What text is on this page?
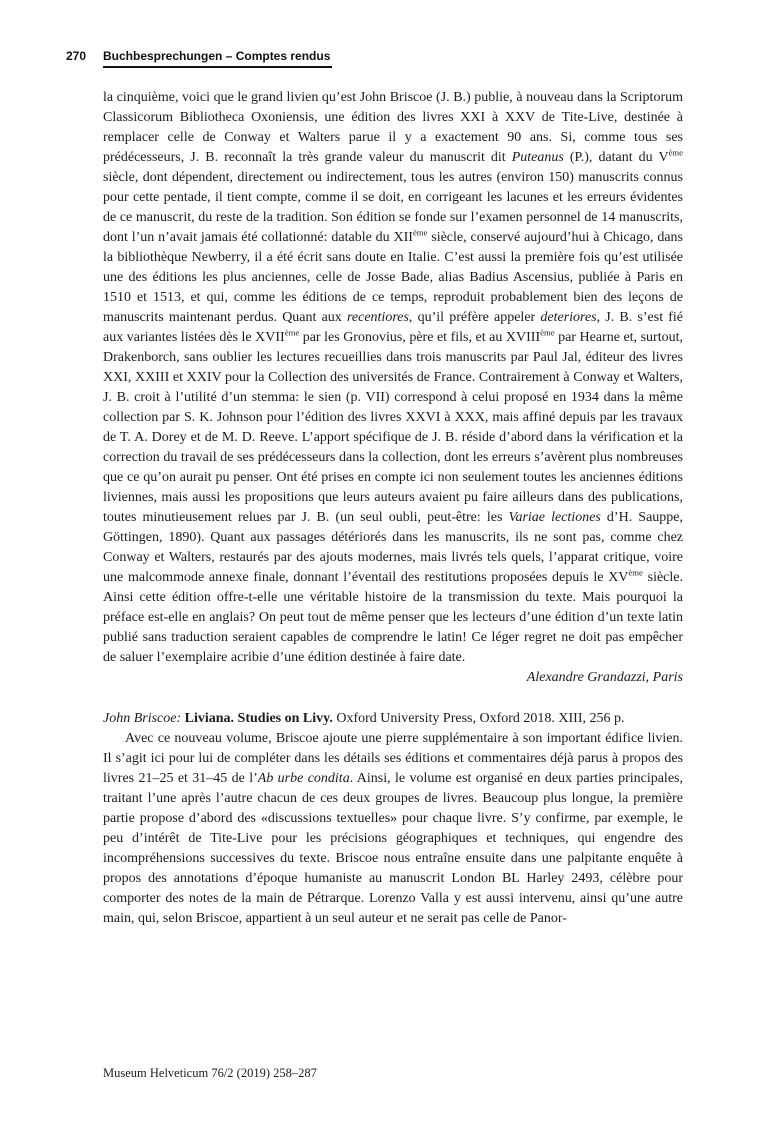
270 Buchbesprechungen – Comptes rendus

la cinquième, voici que le grand livien qu’est John Briscoe (J. B.) publie, à nouveau dans la Scriptorum Classicorum Bibliotheca Oxoniensis, une édition des livres XXI à XXV de Tite-Live, destinée à remplacer celle de Conway et Walters parue il y a exactement 90 ans. Si, comme tous ses prédécesseurs, J. B. reconnaît la très grande valeur du manuscrit dit Puteanus (P.), datant du Vème siècle, dont dépendent, directement ou indirectement, tous les autres (environ 150) manuscrits connus pour cette pentade, il tient compte, comme il se doit, en corrigeant les lacunes et les erreurs évidentes de ce manuscrit, du reste de la tradition. Son édition se fonde sur l’examen personnel de 14 manuscrits, dont l’un n’avait jamais été collationné: datable du XIIème siècle, conservé aujourd’hui à Chicago, dans la bibliothèque Newberry, il a été écrit sans doute en Italie. C’est aussi la première fois qu’est utilisée une des éditions les plus anciennes, celle de Josse Bade, alias Badius Ascensius, publiée à Paris en 1510 et 1513, et qui, comme les éditions de ce temps, reproduit probablement bien des leçons de manuscrits maintenant perdus. Quant aux recentiores, qu’il préfère appeler deteriores, J. B. s’est fié aux variantes listées dès le XVIIème par les Gronovius, père et fils, et au XVIIIème par Hearne et, surtout, Drakenborch, sans oublier les lectures recueillies dans trois manuscrits par Paul Jal, éditeur des livres XXI, XXIII et XXIV pour la Collection des universités de France. Contrairement à Conway et Walters, J. B. croit à l’utilité d’un stemma: le sien (p. VII) correspond à celui proposé en 1934 dans la même collection par S. K. Johnson pour l’édition des livres XXVI à XXX, mais affiné depuis par les travaux de T. A. Dorey et de M. D. Reeve. L’apport spécifique de J. B. réside d’abord dans la vérification et la correction du travail de ses prédécesseurs dans la collection, dont les erreurs s’avèrent plus nombreuses que ce qu’on aurait pu penser. Ont été prises en compte ici non seulement toutes les anciennes éditions liviennes, mais aussi les propositions que leurs auteurs avaient pu faire ailleurs dans des publications, toutes minutieusement relues par J. B. (un seul oubli, peut-être: les Variae lectiones d’H. Sauppe, Göttingen, 1890). Quant aux passages détériorés dans les manuscrits, ils ne sont pas, comme chez Conway et Walters, restaurés par des ajouts modernes, mais livrés tels quels, l’apparat critique, voire une malcommode annexe finale, donnant l’éventail des restitutions proposées depuis le XVème siècle. Ainsi cette édition offre-t-elle une véritable histoire de la transmission du texte. Mais pourquoi la préface est-elle en anglais? On peut tout de même penser que les lecteurs d’une édition d’un texte latin publié sans traduction seraient capables de comprendre le latin! Ce léger regret ne doit pas empêcher de saluer l’exemplaire acribie d’une édition destinée à faire date.

Alexandre Grandazzi, Paris

John Briscoe: Liviana. Studies on Livy. Oxford University Press, Oxford 2018. XIII, 256 p.

Avec ce nouveau volume, Briscoe ajoute une pierre supplémentaire à son important édifice livien. Il s’agit ici pour lui de compléter dans les détails ses éditions et commentaires déjà parus à propos des livres 21–25 et 31–45 de l’Ab urbe condita. Ainsi, le volume est organisé en deux parties principales, traitant l’une après l’autre chacun de ces deux groupes de livres. Beaucoup plus longue, la première partie propose d’abord des «discussions textuelles» pour chaque livre. S’y confirme, par exemple, le peu d’intérêt de Tite-Live pour les précisions géographiques et techniques, qui engendre des incompréhensions successives du texte. Briscoe nous entraîne ensuite dans une palpitante enquête à propos des annotations d’époque humaniste au manuscrit London BL Harley 2493, célèbre pour comporter des notes de la main de Pétrarque. Lorenzo Valla y est aussi intervenu, ainsi qu’une autre main, qui, selon Briscoe, appartient à un seul auteur et ne serait pas celle de Panor-

Museum Helveticum 76/2 (2019) 258–287
